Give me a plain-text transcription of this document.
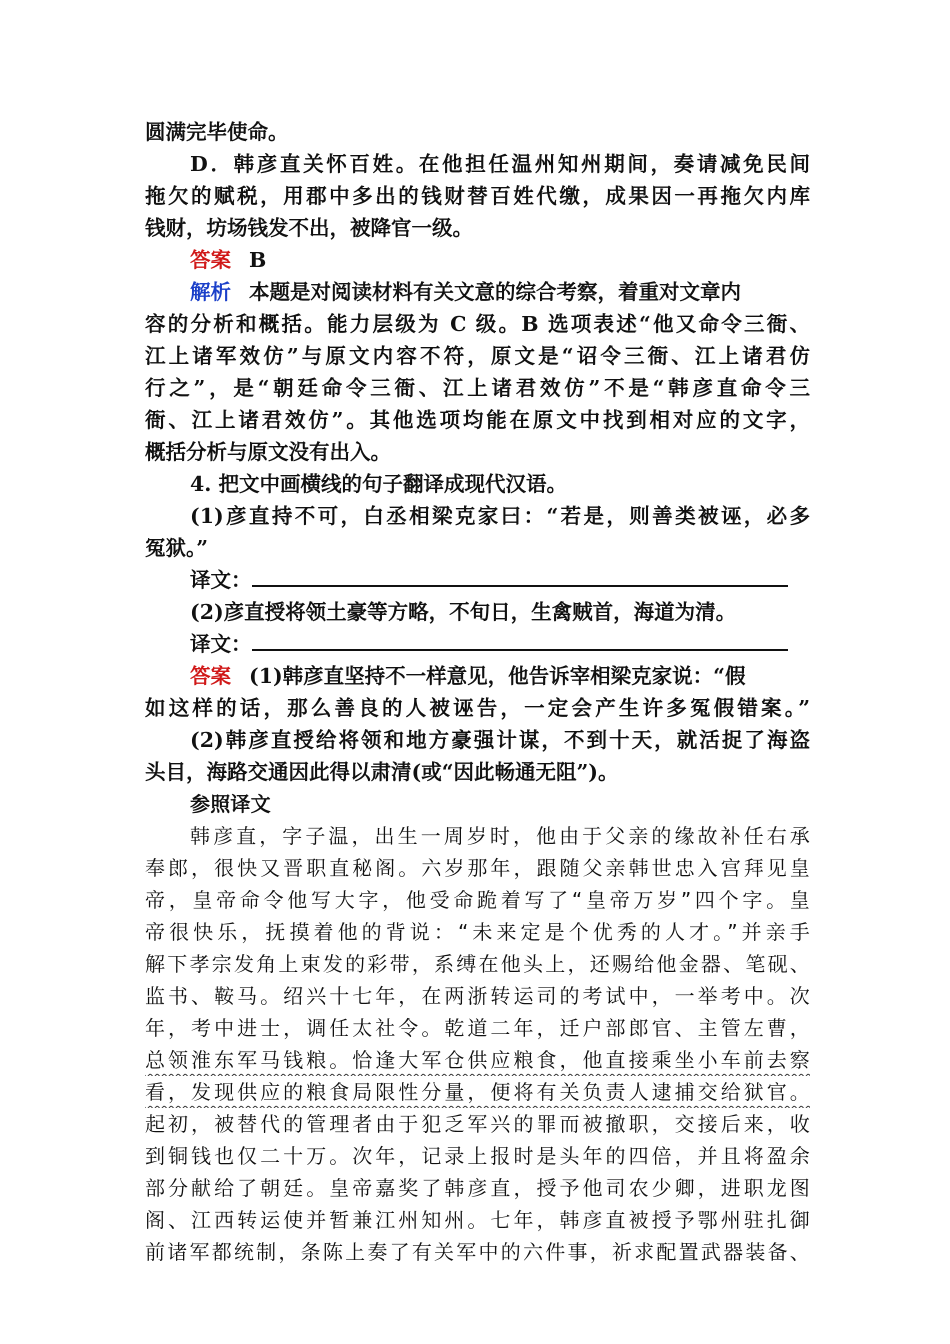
圆满完毕使命。
D．韩彦直关怀百姓。在他担任温州知州期间，奏请减免民间
拖欠的赋税，用郡中多出的钱财替百姓代缴，成果因一再拖欠内库
钱财，坊场钱发不出，被降官一级。
答案 B
解析 本题是对阅读材料有关文意的综合考察，着重对文章内
容的分析和概括。能力层级为 C 级。B 选项表述“他又命令三衙、
江上诸军效仿”与原文内容不符，原文是“诏令三衙、江上诸君仿
行之”，是“朝廷命令三衙、江上诸君效仿”不是“韩彦直命令三
衙、江上诸君效仿”。其他选项均能在原文中找到相对应的文字，
概括分析与原文没有出入。
4. 把文中画横线的句子翻译成现代汉语。
(1)彦直持不可，白丞相梁克家曰：“若是，则善类被诬，必多
冤狱。”
译文：
(2)彦直授将领土豪等方略，不旬日，生禽贼首，海道为清。
译文：
答案 (1)韩彦直坚持不一样意见，他告诉宰相梁克家说：“假
如这样的话，那么善良的人被诬告，一定会产生许多冤假错案。”
(2)韩彦直授给将领和地方豪强计谋，不到十天，就活捉了海盗
头目，海路交通因此得以肃清(或“因此畅通无阻”)。
参照译文
韩彦直，字子温，出生一周岁时，他由于父亲的缘故补任右承
奉郎，很快又晋职直秘阁。六岁那年，跟随父亲韩世忠入宫拜见皇
帝，皇帝命令他写大字，他受命跪着写了“皇帝万岁”四个字。皇
帝很快乐，抚摸着他的背说：“未来定是个优秀的人才。”并亲手
解下孝宗发角上束发的彩带，系缚在他头上，还赐给他金器、笔砚、
监书、鞍马。绍兴十七年，在两浙转运司的考试中，一举考中。次
年，考中进士，调任太社令。乾道二年，迁户部郎官、主管左曹，
总领淮东军马钱粮。恰逢大军仓供应粮食，他直接乘坐小车前去察
看，发现供应的粮食局限性分量，便将有关负责人逮捕交给狱官。
起初，被替代的管理者由于犯乏军兴的罪而被撤职，交接后来，收
到铜钱也仅二十万。次年，记录上报时是头年的四倍，并且将盈余
部分献给了朝廷。皇帝嘉奖了韩彦直，授予他司农少卿，进职龙图
阁、江西转运使并暂兼江州知州。七年，韩彦直被授予鄂州驻扎御
前诸军都统制，条陈上奏了有关军中的六件事，祈求配置武器装备、
